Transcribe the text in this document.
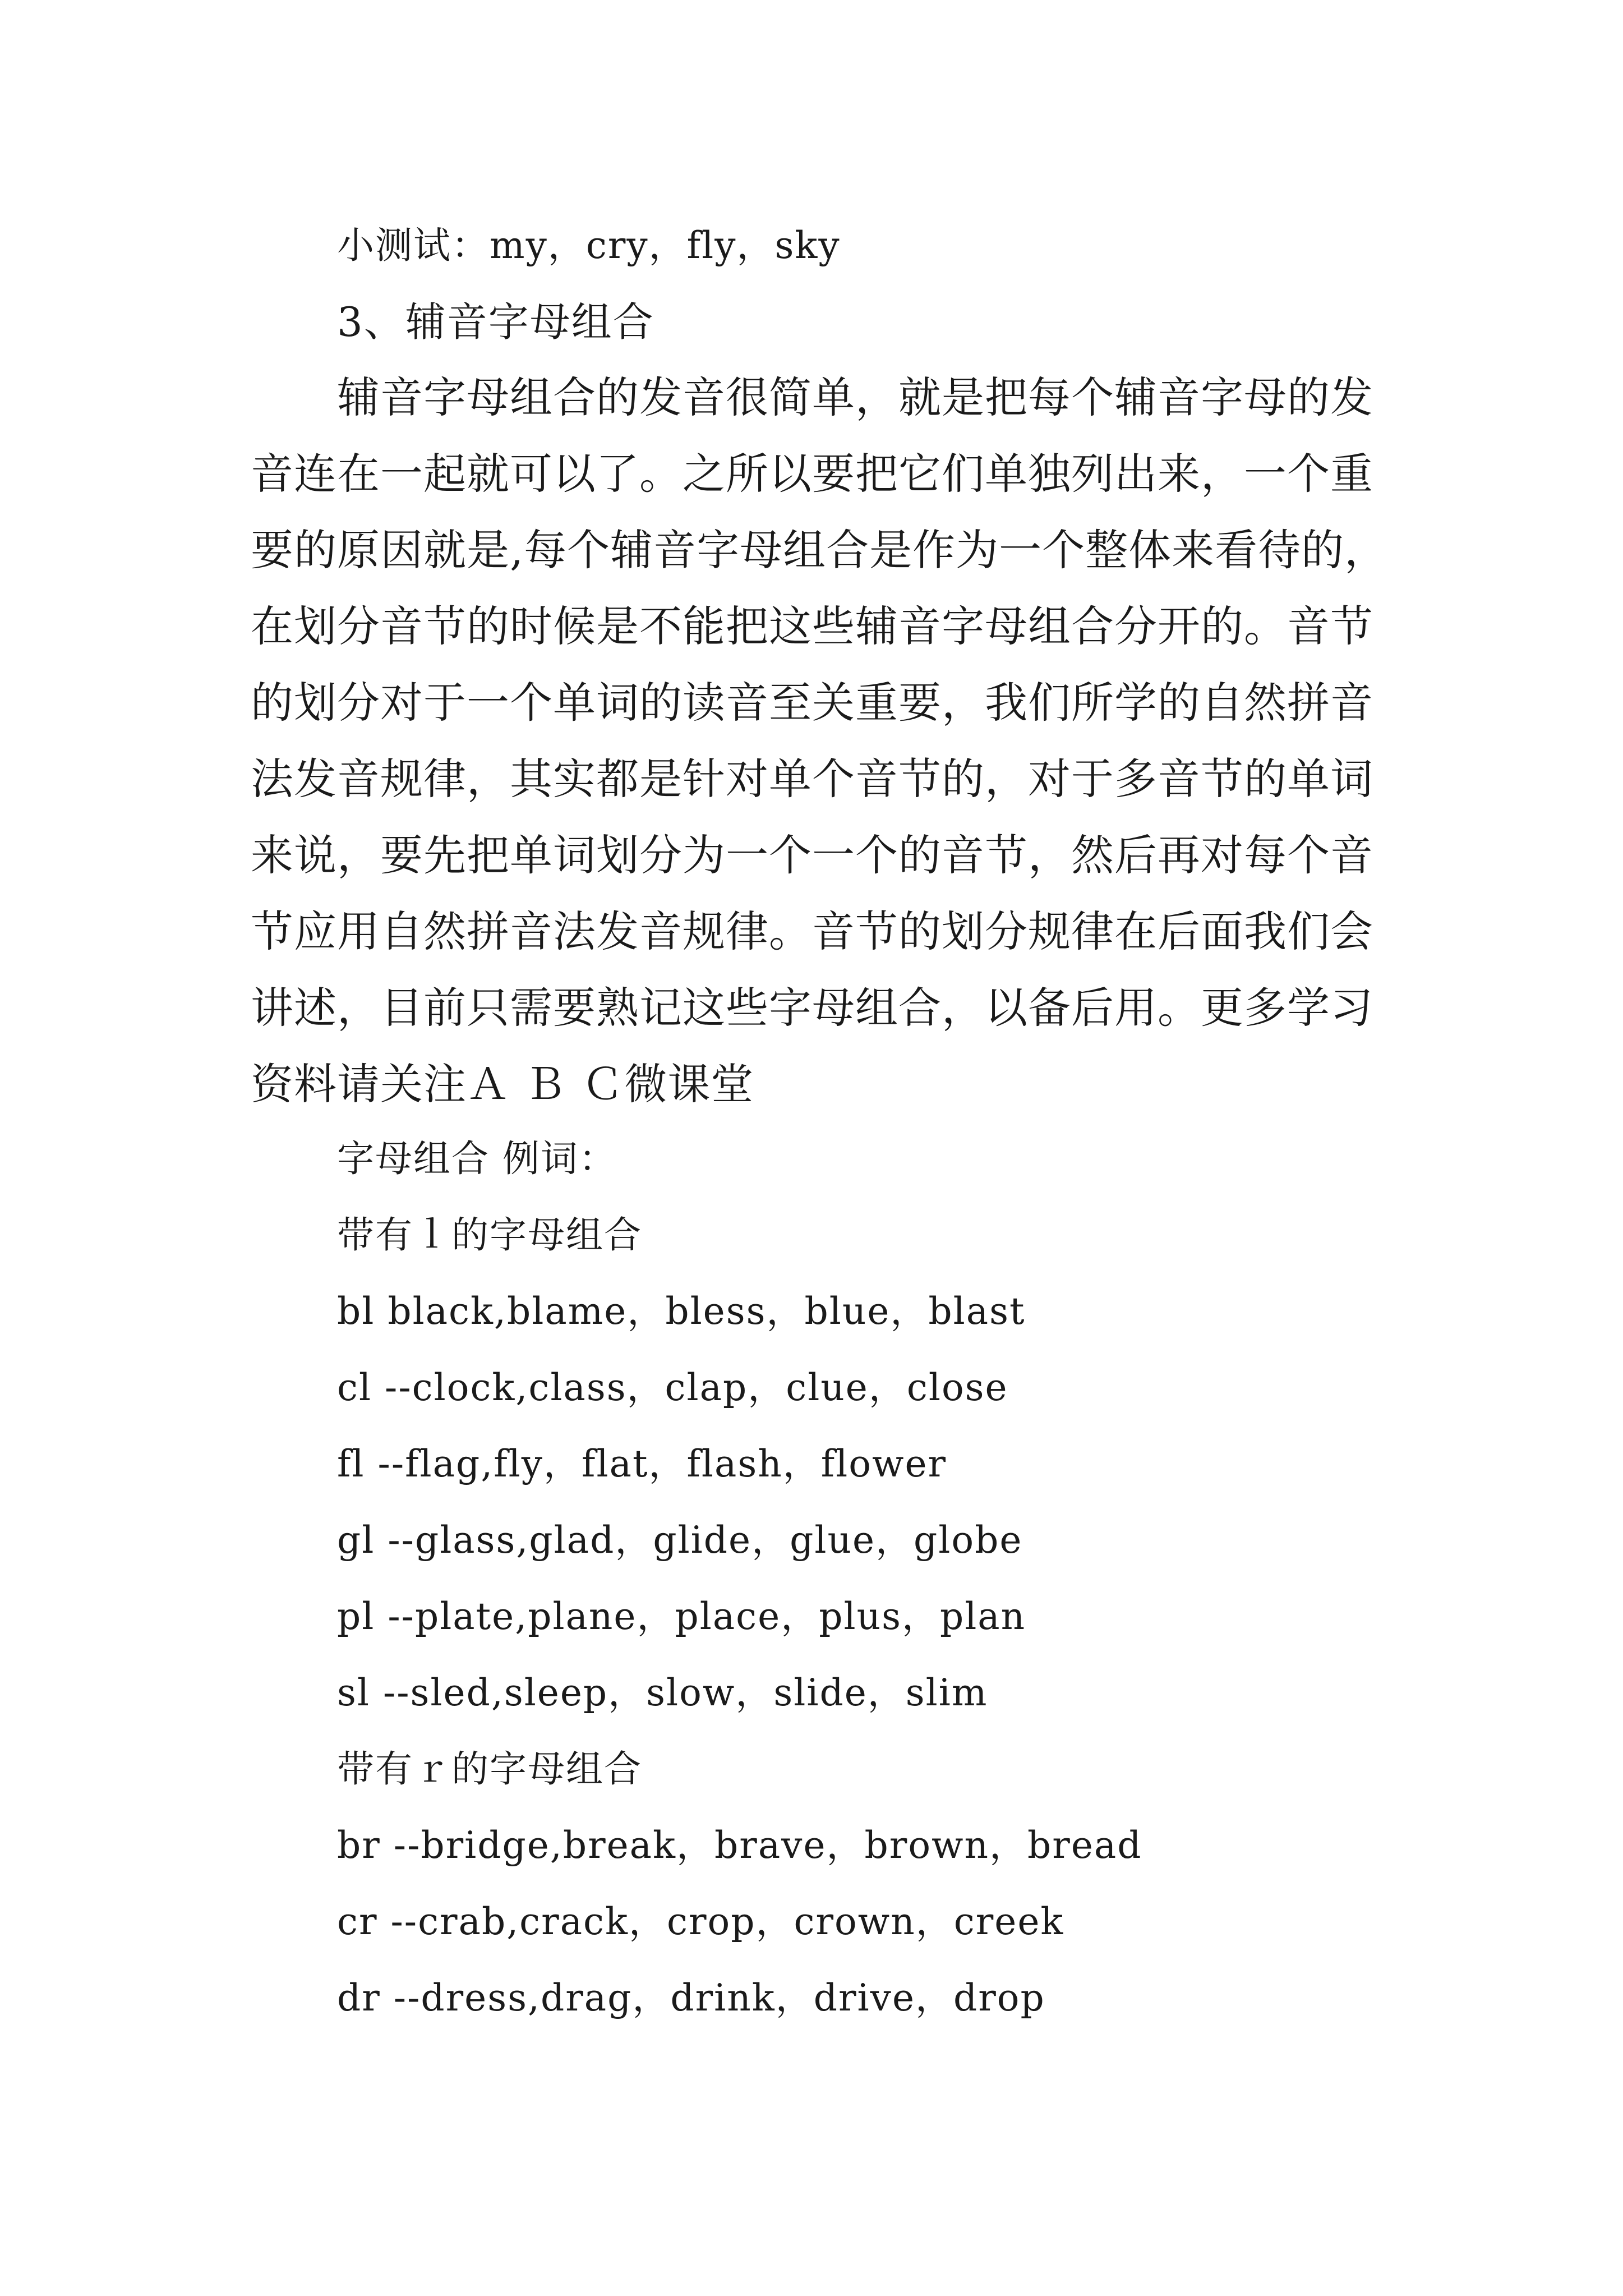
小测试：my，cry，fly，sky
3、辅音字母组合
辅音字母组合的发音很简单，就是把每个辅音字母的发
音连在一起就可以了。之所以要把它们单独列出来，一个重
要的原因就是,每个辅音字母组合是作为一个整体来看待的，
在划分音节的时候是不能把这些辅音字母组合分开的。音节
的划分对于一个单词的读音至关重要，我们所学的自然拼音
法发音规律，其实都是针对单个音节的，对于多音节的单词
来说，要先把单词划分为一个一个的音节，然后再对每个音
节应用自然拼音法发音规律。音节的划分规律在后面我们会
讲述，目前只需要熟记这些字母组合，以备后用。更多学习
资料请关注Ａ Ｂ Ｃ微课堂
字母组合 例词：
带有ｌ的字母组合
bl black,blame，bless，blue，blast
cl --clock,class，clap，clue，close
fl --flag,fly，flat，flash，flower
gl --glass,glad，glide，glue，globe
pl --plate,plane，place，plus，plan
sl --sled,sleep，slow，slide，slim
带有ｒ的字母组合
br --bridge,break，brave，brown，bread
cr --crab,crack，crop，crown，creek
dr --dress,drag，drink，drive，drop
